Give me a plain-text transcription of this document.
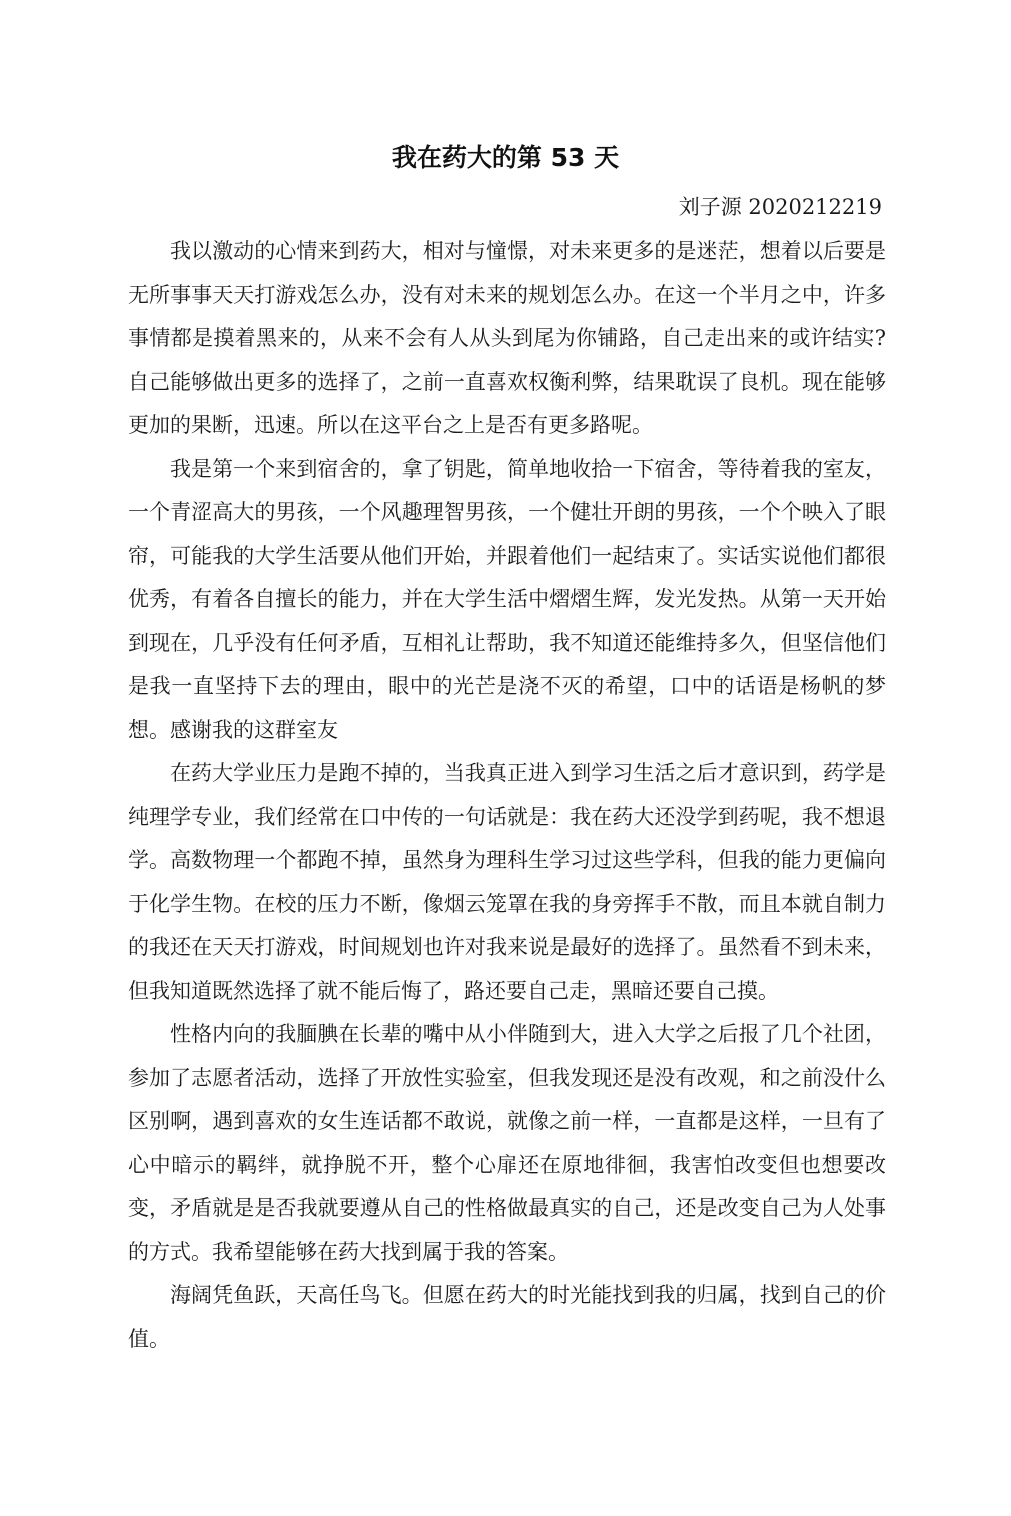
我在药大的第 53 天
刘子源 2020212219

我以激动的心情来到药大，相对与憧憬，对未来更多的是迷茫，想着以后要是无所事事天天打游戏怎么办，没有对未来的规划怎么办。在这一个半月之中，许多事情都是摸着黑来的，从来不会有人从头到尾为你铺路，自己走出来的或许结实?自己能够做出更多的选择了，之前一直喜欢权衡利弊，结果耽误了良机。现在能够更加的果断，迅速。所以在这平台之上是否有更多路呢。

我是第一个来到宿舍的，拿了钥匙，简单地收拾一下宿舍，等待着我的室友，一个青涩高大的男孩，一个风趣理智男孩，一个健壮开朗的男孩，一个个映入了眼帘，可能我的大学生活要从他们开始，并跟着他们一起结束了。实话实说他们都很优秀，有着各自擅长的能力，并在大学生活中熠熠生辉，发光发热。从第一天开始到现在，几乎没有任何矛盾，互相礼让帮助，我不知道还能维持多久，但坚信他们是我一直坚持下去的理由，眼中的光芒是浇不灭的希望，口中的话语是杨帆的梦想。感谢我的这群室友

在药大学业压力是跑不掉的，当我真正进入到学习生活之后才意识到，药学是纯理学专业，我们经常在口中传的一句话就是：我在药大还没学到药呢，我不想退学。高数物理一个都跑不掉，虽然身为理科生学习过这些学科，但我的能力更偏向于化学生物。在校的压力不断，像烟云笼罩在我的身旁挥手不散，而且本就自制力的我还在天天打游戏，时间规划也许对我来说是最好的选择了。虽然看不到未来，但我知道既然选择了就不能后悔了，路还要自己走，黑暗还要自己摸。

性格内向的我腼腆在长辈的嘴中从小伴随到大，进入大学之后报了几个社团，参加了志愿者活动，选择了开放性实验室，但我发现还是没有改观，和之前没什么区别啊，遇到喜欢的女生连话都不敢说，就像之前一样，一直都是这样，一旦有了心中暗示的羁绊，就挣脱不开，整个心扉还在原地徘徊，我害怕改变但也想要改变，矛盾就是是否我就要遵从自己的性格做最真实的自己，还是改变自己为人处事的方式。我希望能够在药大找到属于我的答案。

海阔凭鱼跃，天高任鸟飞。但愿在药大的时光能找到我的归属，找到自己的价值。
